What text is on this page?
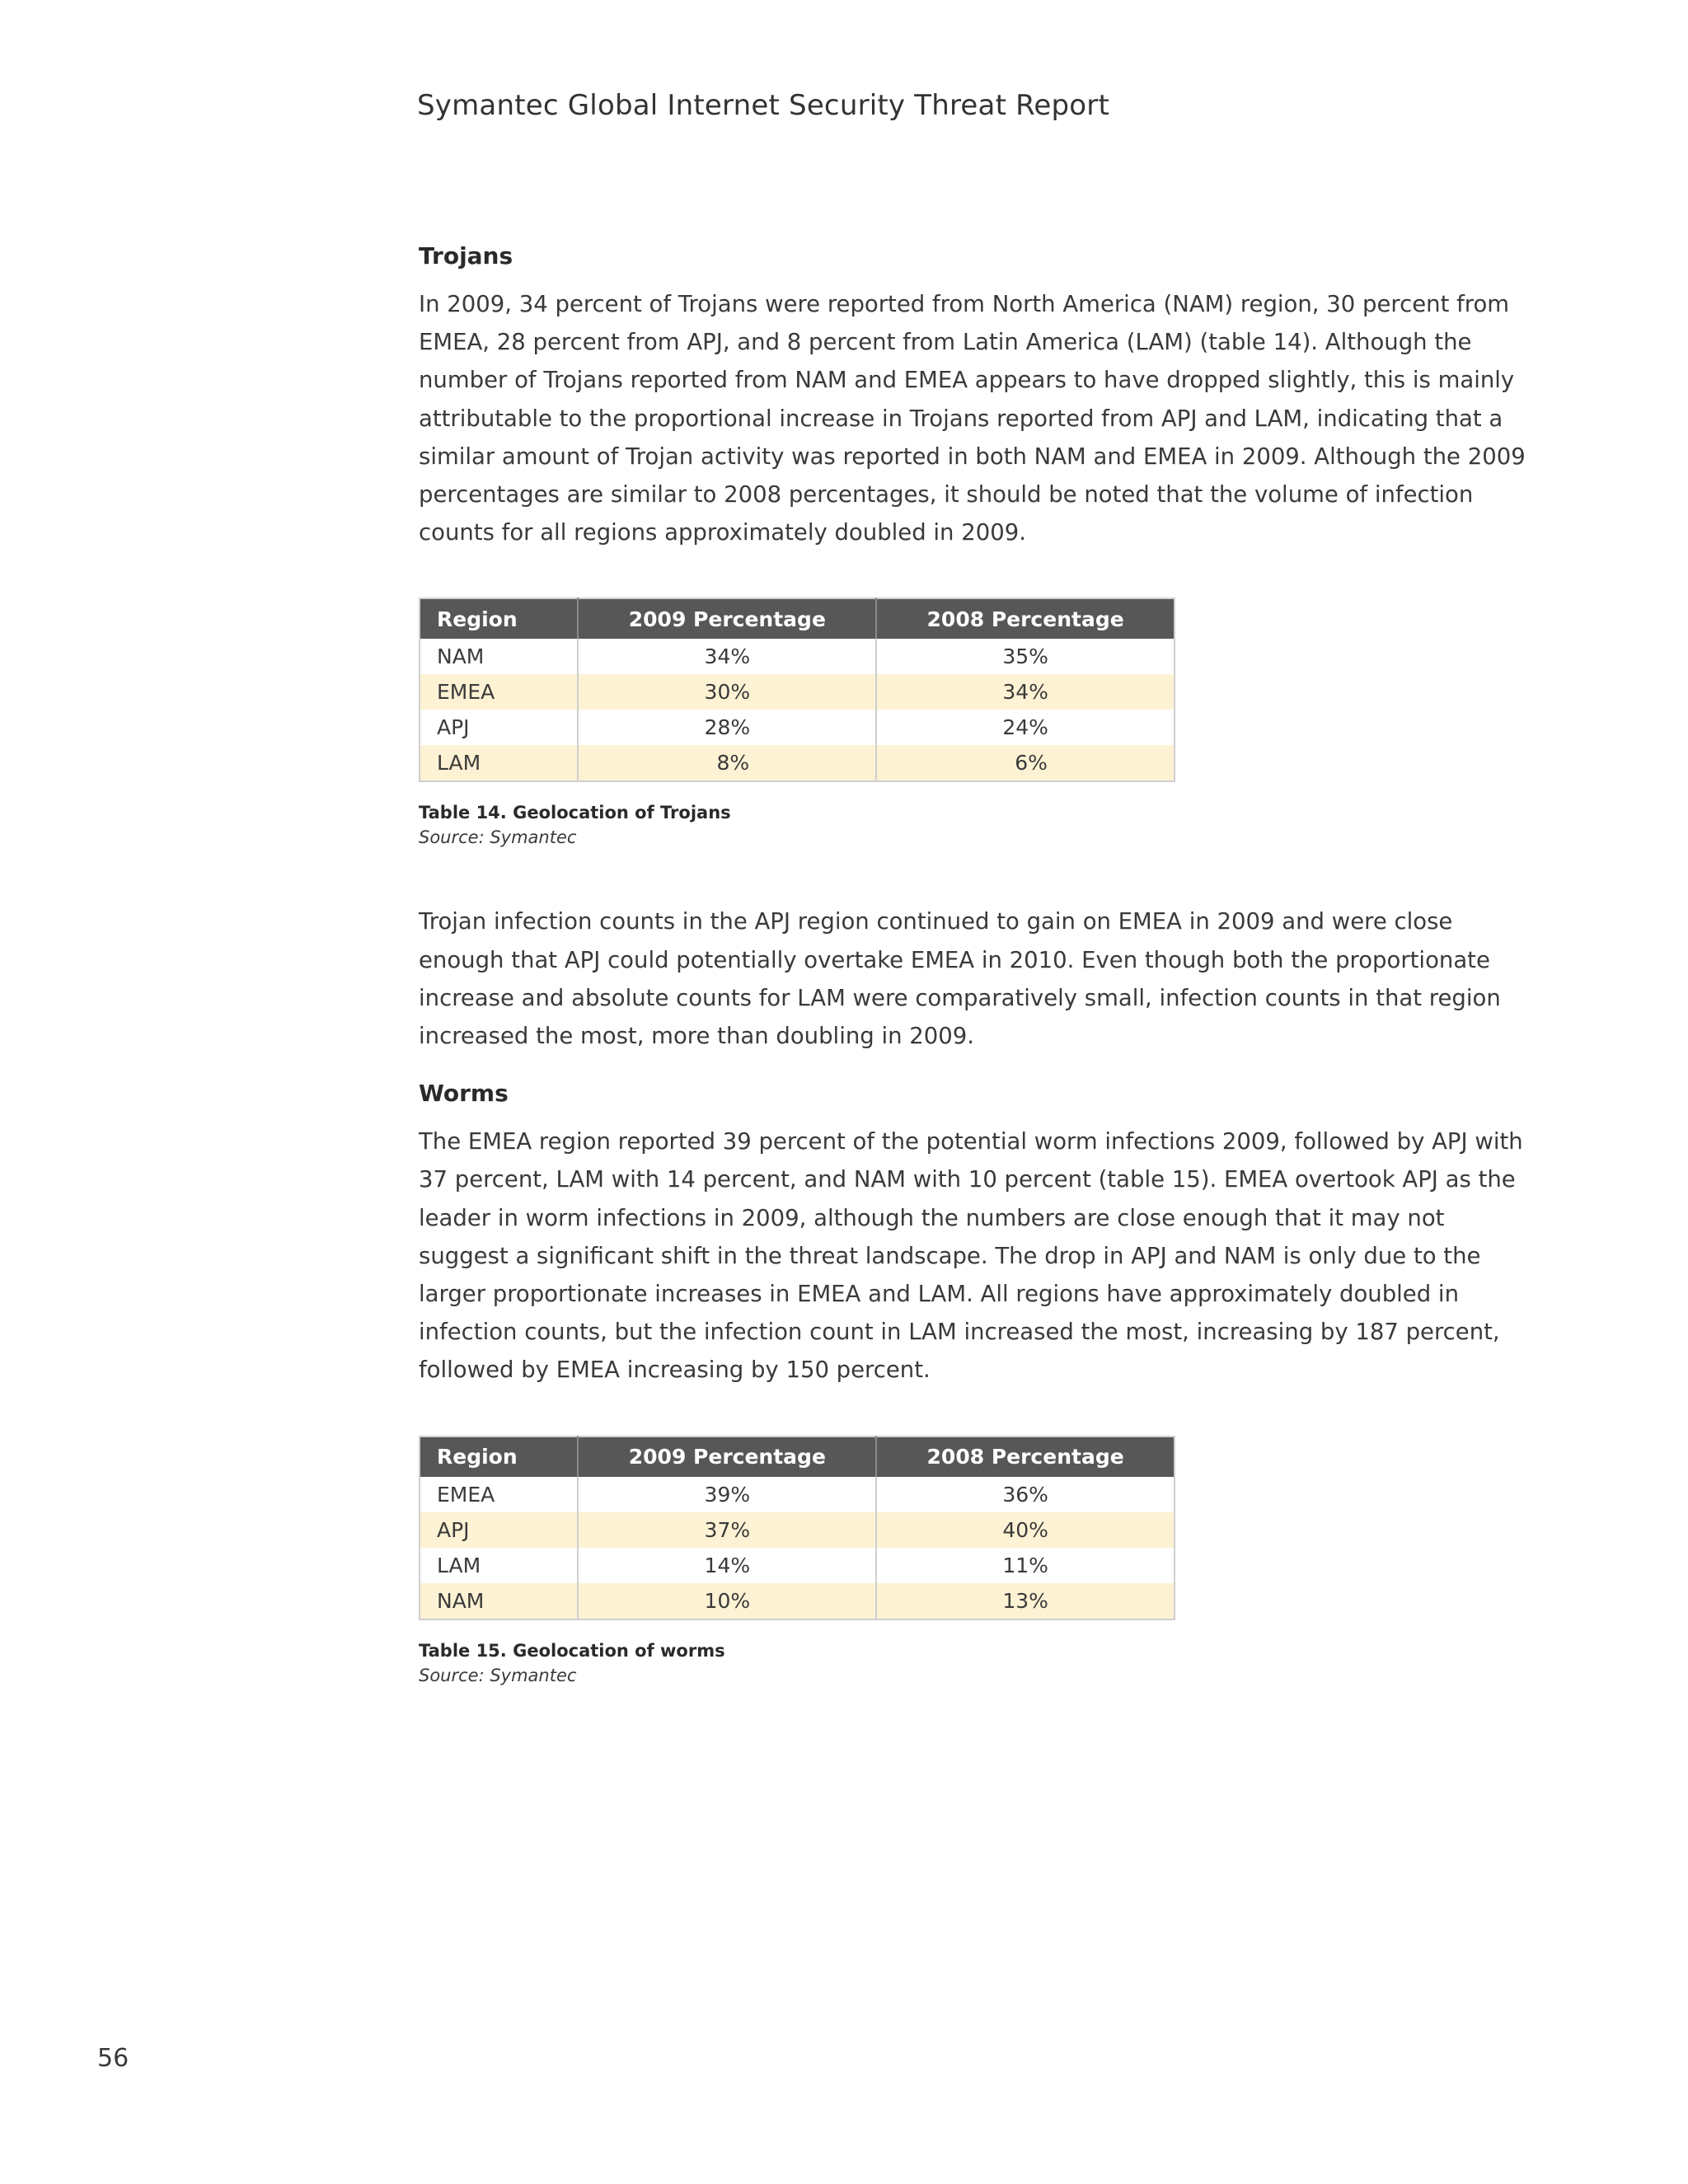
Symantec Global Internet Security Threat Report
Trojans

In 2009, 34 percent of Trojans were reported from North America (NAM) region, 30 percent from EMEA, 28 percent from APJ, and 8 percent from Latin America (LAM) (table 14). Although the number of Trojans reported from NAM and EMEA appears to have dropped slightly, this is mainly attributable to the proportional increase in Trojans reported from APJ and LAM, indicating that a similar amount of Trojan activity was reported in both NAM and EMEA in 2009. Although the 2009 percentages are similar to 2008 percentages, it should be noted that the volume of infection counts for all regions approximately doubled in 2009.

Region	2009 Percentage	2008 Percentage
NAM	34%	35%
EMEA	30%	34%
APJ	28%	24%
LAM	8%	6%

Table 14. Geolocation of Trojans

Source: Symantec

Trojan infection counts in the APJ region continued to gain on EMEA in 2009 and were close enough that APJ could potentially overtake EMEA in 2010. Even though both the proportionate increase and absolute counts for LAM were comparatively small, infection counts in that region increased the most, more than doubling in 2009.

Worms

The EMEA region reported 39 percent of the potential worm infections 2009, followed by APJ with 37 percent, LAM with 14 percent, and NAM with 10 percent (table 15). EMEA overtook APJ as the leader in worm infections in 2009, although the numbers are close enough that it may not suggest a significant shift in the threat landscape. The drop in APJ and NAM is only due to the larger proportionate increases in EMEA and LAM. All regions have approximately doubled in infection counts, but the infection count in LAM increased the most, increasing by 187 percent, followed by EMEA increasing by 150 percent.

Region	2009 Percentage	2008 Percentage
EMEA	39%	36%
APJ	37%	40%
LAM	14%	11%
NAM	10%	13%

Table 15. Geolocation of worms

Source: Symantec

56
